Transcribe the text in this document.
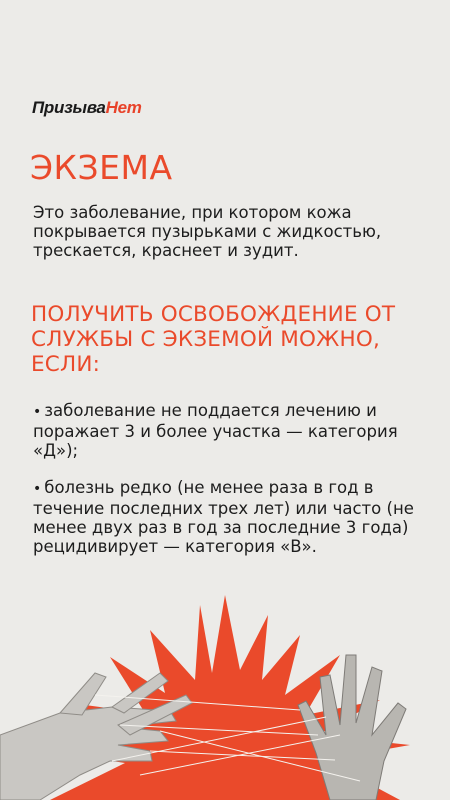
ПризываНет
ЭКЗЕМА

Это заболевание, при котором кожа покрывается пузырьками с жидкостью, трескается, краснеет и зудит.

ПОЛУЧИТЬ ОСВОБОЖДЕНИЕ ОТ СЛУЖБЫ С ЭКЗЕМОЙ МОЖНО, ЕСЛИ:

• заболевание не поддается лечению и поражает 3 и более участка — категория «Д»);

• болезнь редко (не менее раза в год в течение последних трех лет) или часто (не менее двух раз в год за последние 3 года) рецидивирует — категория «В».
